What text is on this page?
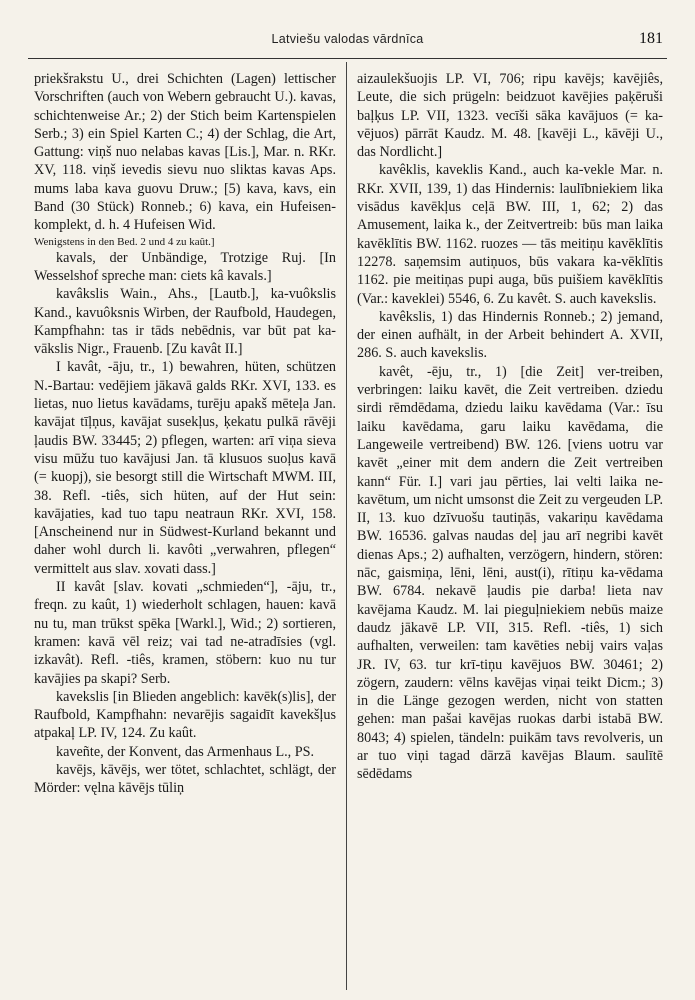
Latviešu valodas vārdnīca	181

priekšrakstu U., drei Schichten (Lagen) lettischer Vorschriften (auch von Webern gebraucht U.). kavas, schichtenweise Ar.; 2) der Stich beim Kartenspielen Serb.; 3) ein Spiel Karten C.; 4) der Schlag, die Art, Gattung: viņš nuo nelabas kavas [Lis.], Mar. n. RKr. XV, 118. viņš ievedis sievu nuo sliktas kavas Aps. mums laba kava guovu Druw.; [5) kava, kavs, ein Band (30 Stück) Ronneb.; 6) kava, ein Hufeisen-komplekt, d. h. 4 Hufeisen Wid.

Wenigstens in den Bed. 2 und 4 zu kaût.]

kavals, der Unbändige, Trotzige Ruj. [In Wesselshof spreche man: ciets kâ kavals.]

kavâkslis Wain., Ahs., [Lautb.], ka-vuôkslis Kand., kavuôksnis Wirben, der Raufbold, Haudegen, Kampfhahn: tas ir tāds nebēdnis, var būt pat ka-vākslis Nigr., Frauenb. [Zu kavât II.]

I kavât, -āju, tr., 1) bewahren, hüten, schützen N.-Bartau: vedējiem jākavā galds RKr. XVI, 133. es lietas, nuo lietus kavādams, turēju apakš mēteļa Jan. kavājat tīļņus, kavājat susekļus, ķekatu pulkā rāvēji ļaudis BW. 33445; 2) pflegen, warten: arī viņa sieva visu mūžu tuo kavājusi Jan. tā klusuos suoļus kavā (= kuopj), sie besorgt still die Wirtschaft MWM. III, 38. Refl. -tiês, sich hüten, auf der Hut sein: kavājaties, kad tuo tapu neatraun RKr. XVI, 158. [Anscheinend nur in Südwest-Kurland bekannt und daher wohl durch li. kavôti „verwahren, pflegen“ vermittelt aus slav. xovati dass.]

II kavât [slav. kovati „schmieden“], -āju, tr., freqn. zu kaût, 1) wiederholt schlagen, hauen: kavā nu tu, man trūkst spēka [Warkl.], Wid.; 2) sortieren, kramen: kavā vēl reiz; vai tad ne-atradīsies (vgl. izkavât). Refl. -tiês, kramen, stöbern: kuo nu tur kavājies pa skapi? Serb.

kavekslis [in Blieden angeblich: kavēk(s)lis], der Raufbold, Kampfhahn: nevarējis sagaidīt kavekšļus atpakaļ LP. IV, 124. Zu kaût.

kaveñte, der Konvent, das Armenhaus L., PS.

kavējs, kāvējs, wer tötet, schlachtet, schlägt, der Mörder: vęlna kāvējs tūliņ

aizaulekšuojis LP. VI, 706; ripu kavējs; kavējiês, Leute, die sich prügeln: beidzuot kavējies paķēruši baļķus LP. VII, 1323. vecīši sāka kavājuos (= ka-vējuos) pārrāt Kaudz. M. 48. [kavēji L., kāvēji U., das Nordlicht.]

kavêklis, kaveklis Kand., auch ka-vekle Mar. n. RKr. XVII, 139, 1) das Hindernis: laulībniekiem lika visādus kavēkļus ceļā BW. III, 1, 62; 2) das Amusement, laika k., der Zeitvertreib: būs man laika kavēklītis BW. 1162. ruozes — tās meitiņu kavēklītis 12278. saņemsim autiņuos, būs vakara ka-vēklītis 1162. pie meitiņas pupi auga, būs puišiem kavēklītis (Var.: kaveklei) 5546, 6. Zu kavêt. S. auch kavekslis.

kavêkslis, 1) das Hindernis Ronneb.; 2) jemand, der einen aufhält, in der Arbeit behindert A. XVII, 286. S. auch kavekslis.

kavêt, -ēju, tr., 1) [die Zeit] ver-treiben, verbringen: laiku kavēt, die Zeit vertreiben. dziedu sirdi rēmdēdama, dziedu laiku kavēdama (Var.: īsu laiku kavēdama, garu laiku kavēdama, die Langeweile vertreibend) BW. 126. [viens uotru var kavēt „einer mit dem andern die Zeit vertreiben kann“ Für. I.] vari jau pērties, lai velti laika ne-kavētum, um nicht umsonst die Zeit zu vergeuden LP. II, 13. kuo dzīvuošu tautiņās, vakariņu kavēdama BW. 16536. galvas naudas deļ jau arī negribi kavēt dienas Aps.; 2) aufhalten, verzögern, hindern, stören: nāc, gaismiņa, lēni, lēni, aust(i), rītiņu ka-vēdama BW. 6784. nekavē ļaudis pie darba! lieta nav kavējama Kaudz. M. lai pieguļniekiem nebūs maize daudz jākavē LP. VII, 315. Refl. -tiês, 1) sich aufhalten, verweilen: tam kavēties nebij vairs vaļas JR. IV, 63. tur krī-tiņu kavējuos BW. 30461; 2) zögern, zaudern: vēlns kavējas viņai teikt Dicm.; 3) in die Länge gezogen werden, nicht von statten gehen: man pašai kavējas ruokas darbi istabā BW. 8043; 4) spielen, tändeln: puikām tavs revolveris, un ar tuo viņi tagad dārzā kavējas Blaum. saulītē sēdēdams
